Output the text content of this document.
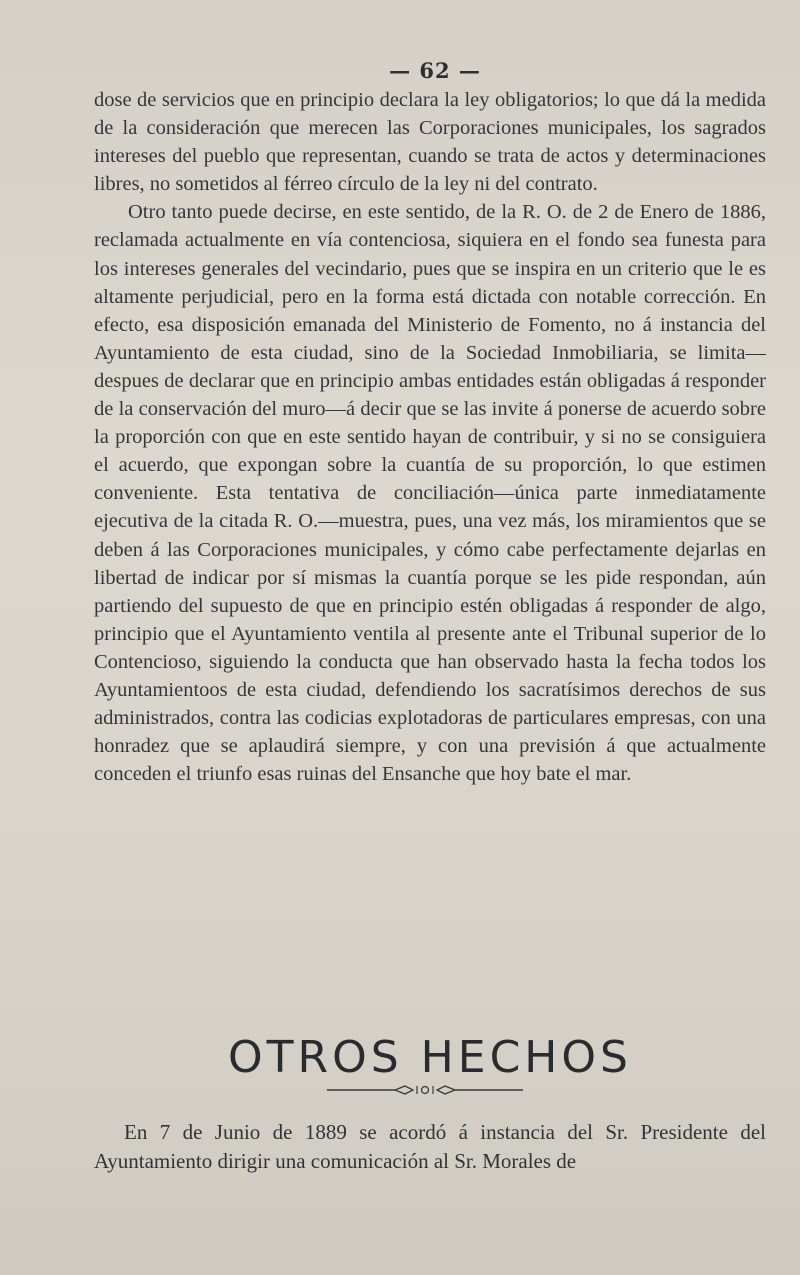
— 62 —

dose de servicios que en principio declara la ley obligatorios; lo que dá la medida de la consideración que merecen las Corporaciones municipales, los sagrados intereses del pueblo que representan, cuando se trata de actos y determinaciones libres, no sometidos al férreo círculo de la ley ni del contrato.

Otro tanto puede decirse, en este sentido, de la R. O. de 2 de Enero de 1886, reclamada actualmente en vía contenciosa, siquiera en el fondo sea funesta para los intereses generales del vecindario, pues que se inspira en un criterio que le es altamente perjudicial, pero en la forma está dictada con notable corrección. En efecto, esa disposición emanada del Ministerio de Fomento, no á instancia del Ayuntamiento de esta ciudad, sino de la Sociedad Inmobiliaria, se limita—despues de declarar que en principio ambas entidades están obligadas á responder de la conservación del muro—á decir que se las invite á ponerse de acuerdo sobre la proporción con que en este sentido hayan de contribuir, y si no se consiguiera el acuerdo, que expongan sobre la cuantía de su proporción, lo que estimen conveniente. Esta tentativa de conciliación—única parte inmediatamente ejecutiva de la citada R. O.—muestra, pues, una vez más, los miramientos que se deben á las Corporaciones municipales, y cómo cabe perfectamente dejarlas en libertad de indicar por sí mismas la cuantía porque se les pide respondan, aún partiendo del supuesto de que en principio estén obligadas á responder de algo, principio que el Ayuntamiento ventila al presente ante el Tribunal superior de lo Contencioso, siguiendo la conducta que han observado hasta la fecha todos los Ayuntamientoos de esta ciudad, defendiendo los sacratísimos derechos de sus administrados, contra las codicias explotadoras de particulares empresas, con una honradez que se aplaudirá siempre, y con una previsión á que actualmente conceden el triunfo esas ruinas del Ensanche que hoy bate el mar.

OTROS HECHOS

En 7 de Junio de 1889 se acordó á instancia del Sr. Presidente del Ayuntamiento dirigir una comunicación al Sr. Morales de
